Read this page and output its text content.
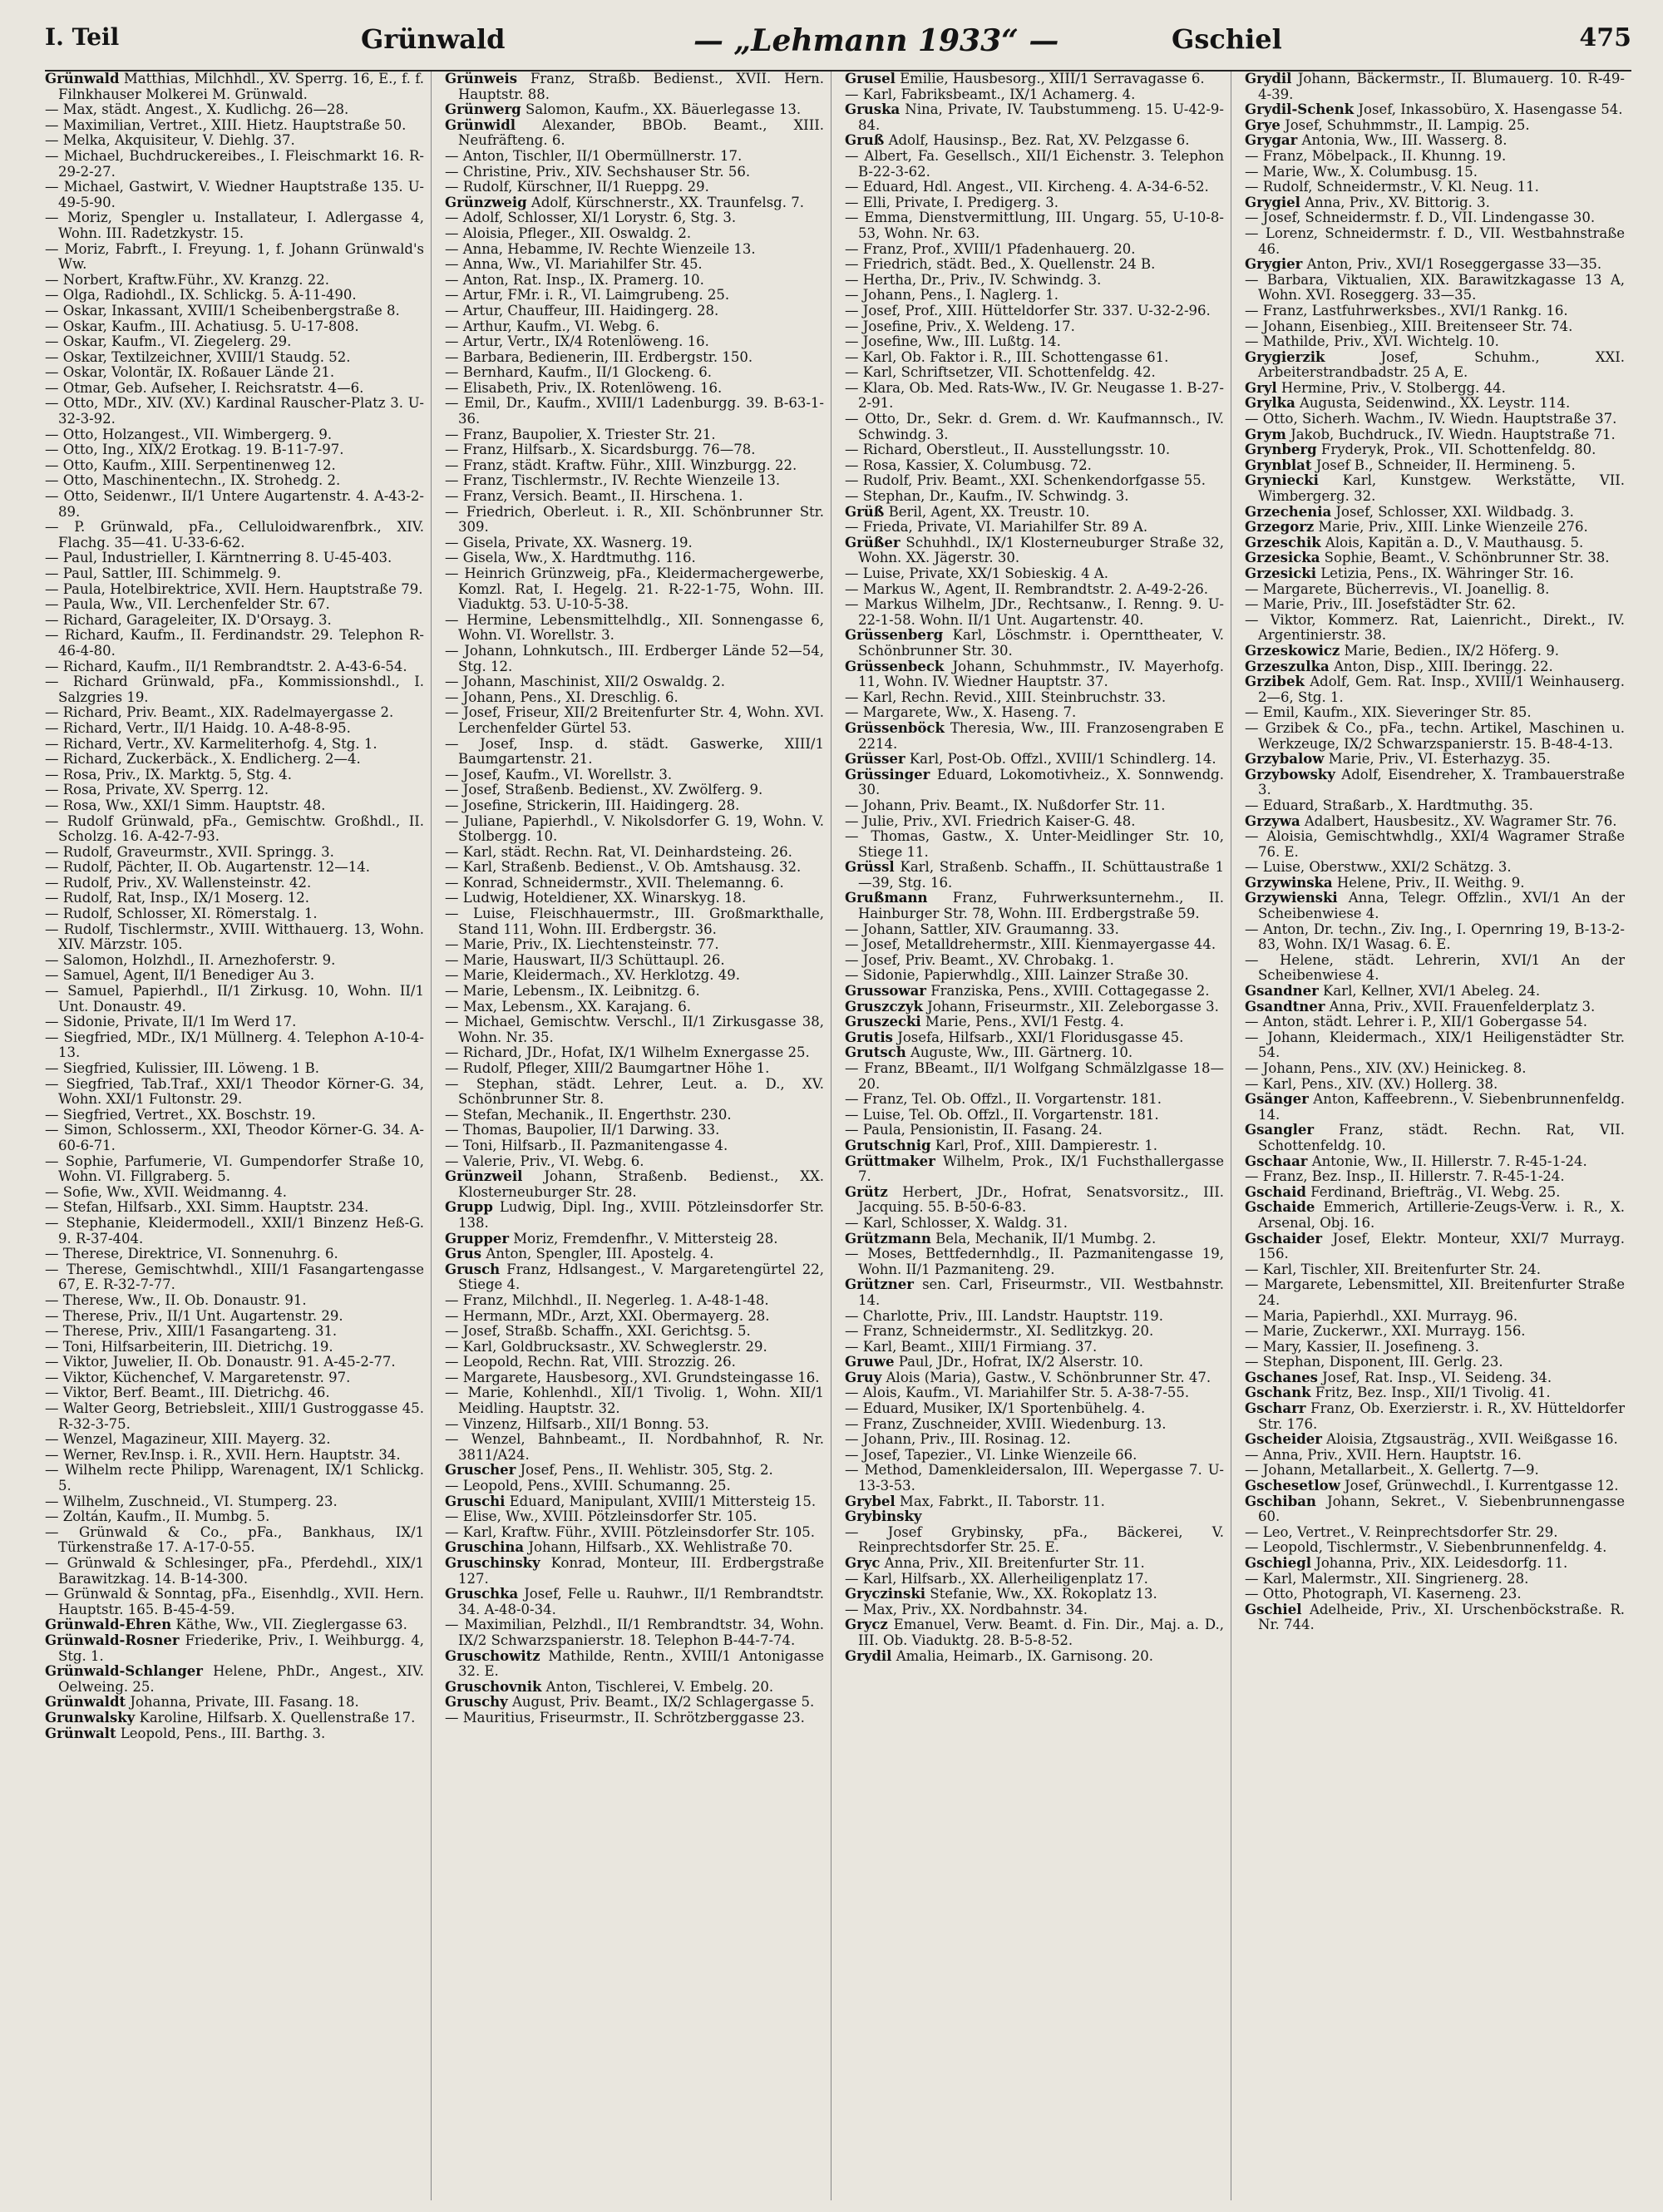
I. Teil	Grünwald	— „Lehmann 1933“ —	Gschiel	475
Grünwald Matthias, Milchhdl., XV. Sperrg. 16, E., f. f. Filnkhauser Molkerei M. Grünwald.
— Max, städt. Angest., X. Kudlichg. 26—28.
— Maximilian, Vertret., XIII. Hietz. Hauptstraße 50.
— Melka, Akquisiteur, V. Diehlg. 37.
— Michael, Buchdruckereibes., I. Fleischmarkt 16. R-29-2-27.
— Michael, Gastwirt, V. Wiedner Hauptstraße 135. U-49-5-90.
— Moriz, Spengler u. Installateur, I. Adlergasse 4, Wohn. III. Radetzkystr. 15.
— Moriz, Fabrft., I. Freyung. 1, f. Johann Grünwald's Ww.
— Norbert, Kraftw.Führ., XV. Kranzg. 22.
— Olga, Radiohdl., IX. Schlickg. 5. A-11-490.
— Oskar, Inkassant, XVIII/1 Scheibenbergstraße 8.
— Oskar, Kaufm., III. Achatiusg. 5. U-17-808.
— Oskar, Kaufm., VI. Ziegelerg. 29.
— Oskar, Textilzeichner, XVIII/1 Staudg. 52.
— Oskar, Volontär, IX. Roßauer Lände 21.
— Otmar, Geb. Aufseher, I. Reichsratstr. 4—6.
— Otto, MDr., XIV. (XV.) Kardinal Rauscher-Platz 3. U-32-3-92.
— Otto, Holzangest., VII. Wimbergerg. 9.
— Otto, Ing., XIX/2 Erotkag. 19. B-11-7-97.
— Otto, Kaufm., XIII. Serpentinenweg 12.
— Otto, Maschinentechn., IX. Strohedg. 2.
— Otto, Seidenwr., II/1 Untere Augartenstr. 4. A-43-2-89.
— P. Grünwald, pFa., Celluloidwarenfbrk., XIV. Flachg. 35—41. U-33-6-62.
— Paul, Industrieller, I. Kärntnerring 8. U-45-403.
— Paul, Sattler, III. Schimmelg. 9.
— Paula, Hotelbirektrice, XVII. Hern. Hauptstraße 79.
— Paula, Ww., VII. Lerchenfelder Str. 67.
— Richard, Garageleiter, IX. D'Orsayg. 3.
— Richard, Kaufm., II. Ferdinandstr. 29. Telephon R-46-4-80.
— Richard, Kaufm., II/1 Rembrandtstr. 2. A-43-6-54.
— Richard Grünwald, pFa., Kommissionshdl., I. Salzgries 19.
— Richard, Priv. Beamt., XIX. Radelmayergasse 2.
— Richard, Vertr., II/1 Haidg. 10. A-48-8-95.
— Richard, Vertr., XV. Karmeliterhofg. 4, Stg. 1.
— Richard, Zuckerbäck., X. Endlicherg. 2—4.
— Rosa, Priv., IX. Marktg. 5, Stg. 4.
— Rosa, Private, XV. Sperrg. 12.
— Rosa, Ww., XXI/1 Simm. Hauptstr. 48.
— Rudolf Grünwald, pFa., Gemischtw. Großhdl., II. Scholzg. 16. A-42-7-93.
— Rudolf, Graveurmstr., XVII. Springg. 3.
— Rudolf, Pächter, II. Ob. Augartenstr. 12—14.
— Rudolf, Priv., XV. Wallensteinstr. 42.
— Rudolf, Rat, Insp., IX/1 Moserg. 12.
— Rudolf, Schlosser, XI. Römerstalg. 1.
— Rudolf, Tischlermstr., XVIII. Witthauerg. 13, Wohn. XIV. Märzstr. 105.
— Salomon, Holzhdl., II. Arnezhoferstr. 9.
— Samuel, Agent, II/1 Benediger Au 3.
— Samuel, Papierhdl., II/1 Zirkusg. 10, Wohn. II/1 Unt. Donaustr. 49.
— Sidonie, Private, II/1 Im Werd 17.
— Siegfried, MDr., IX/1 Müllnerg. 4. Telephon A-10-4-13.
— Siegfried, Kulissier, III. Löweng. 1 B.
— Siegfried, Tab.Traf., XXI/1 Theodor Körner-G. 34, Wohn. XXI/1 Fultonstr. 29.
— Siegfried, Vertret., XX. Boschstr. 19.
— Simon, Schlosserm., XXI, Theodor Körner-G. 34. A-60-6-71.
— Sophie, Parfumerie, VI. Gumpendorfer Straße 10, Wohn. VI. Fillgraberg. 5.
— Sofie, Ww., XVII. Weidmanng. 4.
— Stefan, Hilfsarb., XXI. Simm. Hauptstr. 234.
— Stephanie, Kleidermodell., XXII/1 Binzenz Heß-G. 9. R-37-404.
— Therese, Direktrice, VI. Sonnenuhrg. 6.
— Therese, Gemischtwhdl., XIII/1 Fasangartengasse 67, E. R-32-7-77.
— Therese, Ww., II. Ob. Donaustr. 91.
— Therese, Priv., II/1 Unt. Augartenstr. 29.
— Therese, Priv., XIII/1 Fasangarteng. 31.
— Toni, Hilfsarbeiterin, III. Dietrichg. 19.
— Viktor, Juwelier, II. Ob. Donaustr. 91. A-45-2-77.
— Viktor, Küchenchef, V. Margaretenstr. 97.
— Viktor, Berf. Beamt., III. Dietrichg. 46.
— Walter Georg, Betriebsleit., XIII/1 Gustroggasse 45. R-32-3-75.
— Wenzel, Magazineur, XIII. Mayerg. 32.
— Werner, Rev.Insp. i. R., XVII. Hern. Hauptstr. 34.
— Wilhelm recte Philipp, Warenagent, IX/1 Schlickg. 5.
— Wilhelm, Zuschneid., VI. Stumperg. 23.
— Zoltán, Kaufm., II. Mumbg. 5.
— Grünwald & Co., pFa., Bankhaus, IX/1 Türkenstraße 17. A-17-0-55.
— Grünwald & Schlesinger, pFa., Pferdehdl., XIX/1 Barawitzkag. 14. B-14-300.
— Grünwald & Sonntag, pFa., Eisenhdlg., XVII. Hern. Hauptstr. 165. B-45-4-59.
Grünwald-Ehren Käthe, Ww., VII. Zieglergasse 63.
Grünwald-Rosner Friederike, Priv., I. Weihburgg. 4, Stg. 1.
Grünwald-Schlanger Helene, PhDr., Angest., XIV. Oelweing. 25.
Grünwaldt Johanna, Private, III. Fasang. 18.
Grunwalsky Karoline, Hilfsarb. X. Quellenstraße 17.
Grünwalt Leopold, Pens., III. Barthg. 3.
Grünweis Franz, Straßb. Bedienst., XVII. Hern. Hauptstr. 88.
Grünwerg Salomon, Kaufm., XX. Bäuerlegasse 13.
Grünwidl Alexander, BBOb. Beamt., XIII. Neufräfteng. 6.
— Anton, Tischler, II/1 Obermüllnerstr. 17.
— Christine, Priv., XIV. Sechshauser Str. 56.
— Rudolf, Kürschner, II/1 Rueppg. 29.
Grünzweig Adolf, Kürschnerstr., XX. Traunfelsg. 7.
— Adolf, Schlosser, XI/1 Lorystr. 6, Stg. 3.
— Aloisia, Pfleger., XII. Oswaldg. 2.
— Anna, Hebamme, IV. Rechte Wienzeile 13.
— Anna, Ww., VI. Mariahilfer Str. 45.
— Anton, Rat. Insp., IX. Pramerg. 10.
— Artur, FMr. i. R., VI. Laimgrubeng. 25.
— Artur, Chauffeur, III. Haidingerg. 28.
— Arthur, Kaufm., VI. Webg. 6.
— Artur, Vertr., IX/4 Rotenlöweng. 16.
— Barbara, Bedienerin, III. Erdbergstr. 150.
— Bernhard, Kaufm., II/1 Glockeng. 6.
— Elisabeth, Priv., IX. Rotenlöweng. 16.
— Emil, Dr., Kaufm., XVIII/1 Ladenburgg. 39. B-63-1-36.
— Franz, Baupolier, X. Triester Str. 21.
— Franz, Hilfsarb., X. Sicardsburgg. 76—78.
— Franz, städt. Kraftw. Führ., XIII. Winzburgg. 22.
— Franz, Tischlermstr., IV. Rechte Wienzeile 13.
— Franz, Versich. Beamt., II. Hirschena. 1.
— Friedrich, Oberleut. i. R., XII. Schönbrunner Str. 309.
— Gisela, Private, XX. Wasnerg. 19.
— Gisela, Ww., X. Hardtmuthg. 116.
— Heinrich Grünzweig, pFa., Kleidermachergewerbe, Komzl. Rat, I. Hegelg. 21. R-22-1-75, Wohn. III. Viaduktg. 53. U-10-5-38.
— Hermine, Lebensmittelhdlg., XII. Sonnengasse 6, Wohn. VI. Worellstr. 3.
— Johann, Lohnkutsch., III. Erdberger Lände 52—54, Stg. 12.
— Johann, Maschinist, XII/2 Oswaldg. 2.
— Johann, Pens., XI. Dreschlig. 6.
— Josef, Friseur, XII/2 Breitenfurter Str. 4, Wohn. XVI. Lerchenfelder Gürtel 53.
— Josef, Insp. d. städt. Gaswerke, XIII/1 Baumgartenstr. 21.
— Josef, Kaufm., VI. Worellstr. 3.
— Josef, Straßenb. Bedienst., XV. Zwölferg. 9.
— Josefine, Strickerin, III. Haidingerg. 28.
— Juliane, Papierhdl., V. Nikolsdorfer G. 19, Wohn. V. Stolbergg. 10.
— Karl, städt. Rechn. Rat, VI. Deinhardsteing. 26.
— Karl, Straßenb. Bedienst., V. Ob. Amtshausg. 32.
— Konrad, Schneidermstr., XVII. Thelemanng. 6.
— Ludwig, Hoteldiener, XX. Winarskyg. 18.
— Luise, Fleischhauermstr., III. Großmarkthalle, Stand 111, Wohn. III. Erdbergstr. 36.
— Marie, Priv., IX. Liechtensteinstr. 77.
— Marie, Hauswart, II/3 Schüttaupl. 26.
— Marie, Kleidermach., XV. Herklotzg. 49.
— Marie, Lebensm., IX. Leibnitzg. 6.
— Max, Lebensm., XX. Karajang. 6.
— Michael, Gemischtw. Verschl., II/1 Zirkusgasse 38, Wohn. Nr. 35.
— Richard, JDr., Hofat, IX/1 Wilhelm Exnergasse 25.
— Rudolf, Pfleger, XIII/2 Baumgartner Höhe 1.
— Stephan, städt. Lehrer, Leut. a. D., XV. Schönbrunner Str. 8.
— Stefan, Mechanik., II. Engerthstr. 230.
— Thomas, Baupolier, II/1 Darwing. 33.
— Toni, Hilfsarb., II. Pazmanitengasse 4.
— Valerie, Priv., VI. Webg. 6.
Grünzweil Johann, Straßenb. Bedienst., XX. Klosterneuburger Str. 28.
Grupp Ludwig, Dipl. Ing., XVIII. Pötzleinsdorfer Str. 138.
Grupper Moriz, Fremdenfhr., V. Mittersteig 28.
Grus Anton, Spengler, III. Apostelg. 4.
Grusch Franz, Hdlsangest., V. Margaretengürtel 22, Stiege 4.
— Franz, Milchhdl., II. Negerleg. 1. A-48-1-48.
— Hermann, MDr., Arzt, XXI. Obermayerg. 28.
— Josef, Straßb. Schaffn., XXI. Gerichtsg. 5.
— Karl, Goldbrucksastr., XV. Schweglerstr. 29.
— Leopold, Rechn. Rat, VIII. Strozzig. 26.
— Margarete, Hausbesorg., XVI. Grundsteingasse 16.
— Marie, Kohlenhdl., XII/1 Tivolig. 1, Wohn. XII/1 Meidling. Hauptstr. 32.
— Vinzenz, Hilfsarb., XII/1 Bonng. 53.
— Wenzel, Bahnbeamt., II. Nordbahnhof, R. Nr. 3811/A24.
Gruscher Josef, Pens., II. Wehlistr. 305, Stg. 2.
— Leopold, Pens., XVIII. Schumanng. 25.
Gruschi Eduard, Manipulant, XVIII/1 Mittersteig 15.
— Elise, Ww., XVIII. Pötzleinsdorfer Str. 105.
— Karl, Kraftw. Führ., XVIII. Pötzleinsdorfer Str. 105.
Gruschina Johann, Hilfsarb., XX. Wehlistraße 70.
Gruschinsky Konrad, Monteur, III. Erdbergstraße 127.
Gruschka Josef, Felle u. Rauhwr., II/1 Rembrandtstr. 34. A-48-0-34.
— Maximilian, Pelzhdl., II/1 Rembrandtstr. 34, Wohn. IX/2 Schwarzspanierstr. 18. Telephon B-44-7-74.
Gruschowitz Mathilde, Rentn., XVIII/1 Antonigasse 32. E.
Gruschovnik Anton, Tischlerei, V. Embelg. 20.
Gruschy August, Priv. Beamt., IX/2 Schlagergasse 5.
— Mauritius, Friseurmstr., II. Schrötzberggasse 23.
Grusel Emilie, Hausbesorg., XIII/1 Serravagasse 6.
— Karl, Fabriksbeamt., IX/1 Achamerg. 4.
Gruska Nina, Private, IV. Taubstummeng. 15. U-42-9-84.
Gruß Adolf, Hausinsp., Bez. Rat, XV. Pelzgasse 6.
— Albert, Fa. Gesellsch., XII/1 Eichenstr. 3. Telephon B-22-3-62.
— Eduard, Hdl. Angest., VII. Kircheng. 4. A-34-6-52.
— Elli, Private, I. Predigerg. 3.
— Emma, Dienstvermittlung, III. Ungarg. 55, U-10-8-53, Wohn. Nr. 63.
— Franz, Prof., XVIII/1 Pfadenhauerg. 20.
— Friedrich, städt. Bed., X. Quellenstr. 24 B.
— Hertha, Dr., Priv., IV. Schwindg. 3.
— Johann, Pens., I. Naglerg. 1.
— Josef, Prof., XIII. Hütteldorfer Str. 337. U-32-2-96.
— Josefine, Priv., X. Weldeng. 17.
— Josefine, Ww., III. Lußtg. 14.
— Karl, Ob. Faktor i. R., III. Schottengasse 61.
— Karl, Schriftsetzer, VII. Schottenfeldg. 42.
— Klara, Ob. Med. Rats-Ww., IV. Gr. Neugasse 1. B-27-2-91.
— Otto, Dr., Sekr. d. Grem. d. Wr. Kaufmannsch., IV. Schwindg. 3.
— Richard, Oberstleut., II. Ausstellungsstr. 10.
— Rosa, Kassier, X. Columbusg. 72.
— Rudolf, Priv. Beamt., XXI. Schenkendorfgasse 55.
— Stephan, Dr., Kaufm., IV. Schwindg. 3.
Grüß Beril, Agent, XX. Treustr. 10.
— Frieda, Private, VI. Mariahilfer Str. 89 A.
Grüßer Schuhhdl., IX/1 Klosterneuburger Straße 32, Wohn. XX. Jägerstr. 30.
— Luise, Private, XX/1 Sobieskig. 4 A.
— Markus W., Agent, II. Rembrandtstr. 2. A-49-2-26.
— Markus Wilhelm, JDr., Rechtsanw., I. Renng. 9. U-22-1-58. Wohn. II/1 Unt. Augartenstr. 40.
Grüssenberg Karl, Löschmstr. i. Opernttheater, V. Schönbrunner Str. 30.
Grüssenbeck Johann, Schuhmmstr., IV. Mayerhofg. 11, Wohn. IV. Wiedner Hauptstr. 37.
— Karl, Rechn. Revid., XIII. Steinbruchstr. 33.
— Margarete, Ww., X. Haseng. 7.
Grüssenböck Theresia, Ww., III. Franzosengraben E 2214.
Grüsser Karl, Post-Ob. Offzl., XVIII/1 Schindlerg. 14.
Grüssinger Eduard, Lokomotivheiz., X. Sonnwendg. 30.
— Johann, Priv. Beamt., IX. Nußdorfer Str. 11.
— Julie, Priv., XVI. Friedrich Kaiser-G. 48.
— Thomas, Gastw., X. Unter-Meidlinger Str. 10, Stiege 11.
Grüssl Karl, Straßenb. Schaffn., II. Schüttaustraße 1—39, Stg. 16.
Grußmann Franz, Fuhrwerksunternehm., II. Hainburger Str. 78, Wohn. III. Erdbergstraße 59.
— Johann, Sattler, XIV. Graumanng. 33.
— Josef, Metalldrehermstr., XIII. Kienmayergasse 44.
— Josef, Priv. Beamt., XV. Chrobakg. 1.
— Sidonie, Papierwhdlg., XIII. Lainzer Straße 30.
Grussowar Franziska, Pens., XVIII. Cottagegasse 2.
Gruszczyk Johann, Friseurmstr., XII. Zeleborgasse 3.
Gruszecki Marie, Pens., XVI/1 Festg. 4.
Grutis Josefa, Hilfsarb., XXI/1 Floridusgasse 45.
Grutsch Auguste, Ww., III. Gärtnerg. 10.
— Franz, BBeamt., II/1 Wolfgang Schmälzlgasse 18—20.
— Franz, Tel. Ob. Offzl., II. Vorgartenstr. 181.
— Luise, Tel. Ob. Offzl., II. Vorgartenstr. 181.
— Paula, Pensionistin, II. Fasang. 24.
Grutschnig Karl, Prof., XIII. Dampierestr. 1.
Grüttmaker Wilhelm, Prok., IX/1 Fuchsthallergasse 7.
Grütz Herbert, JDr., Hofrat, Senatsvorsitz., III. Jacquing. 55. B-50-6-83.
— Karl, Schlosser, X. Waldg. 31.
Grützmann Bela, Mechanik, II/1 Mumbg. 2.
— Moses, Bettfedernhdlg., II. Pazmanitengasse 19, Wohn. II/1 Pazmaniteng. 29.
Grützner sen. Carl, Friseurmstr., VII. Westbahnstr. 14.
— Charlotte, Priv., III. Landstr. Hauptstr. 119.
— Franz, Schneidermstr., XI. Sedlitzkyg. 20.
— Karl, Beamt., XIII/1 Firmiang. 37.
Gruwe Paul, JDr., Hofrat, IX/2 Alserstr. 10.
Gruy Alois (Maria), Gastw., V. Schönbrunner Str. 47.
— Alois, Kaufm., VI. Mariahilfer Str. 5. A-38-7-55.
— Eduard, Musiker, IX/1 Sportenbühelg. 4.
— Franz, Zuschneider, XVIII. Wiedenburg. 13.
— Johann, Priv., III. Rosinag. 12.
— Josef, Tapezier., VI. Linke Wienzeile 66.
— Method, Damenkleidersalon, III. Wepergasse 7. U-13-3-53.
Grybel Max, Fabrkt., II. Taborstr. 11.
Grybinsky
— Josef Grybinsky, pFa., Bäckerei, V. Reinprechtsdorfer Str. 25. E.
Gryc Anna, Priv., XII. Breitenfurter Str. 11.
— Karl, Hilfsarb., XX. Allerheiligenplatz 17.
Gryczinski Stefanie, Ww., XX. Rokoplatz 13.
— Max, Priv., XX. Nordbahnstr. 34.
Grycz Emanuel, Verw. Beamt. d. Fin. Dir., Maj. a. D., III. Ob. Viaduktg. 28. B-5-8-52.
Grydil Amalia, Heimarb., IX. Garnisong. 20.
Grydil Johann, Bäckermstr., II. Blumauerg. 10. R-49-4-39.
Grydil-Schenk Josef, Inkassobüro, X. Hasengasse 54.
Grye Josef, Schuhmmstr., II. Lampig. 25.
Grygar Antonia, Ww., III. Wasserg. 8.
— Franz, Möbelpack., II. Khunng. 19.
— Marie, Ww., X. Columbusg. 15.
— Rudolf, Schneidermstr., V. Kl. Neug. 11.
Grygiel Anna, Priv., XV. Bittorig. 3.
— Josef, Schneidermstr. f. D., VII. Lindengasse 30.
— Lorenz, Schneidermstr. f. D., VII. Westbahnstraße 46.
Grygier Anton, Priv., XVI/1 Roseggergasse 33—35.
— Barbara, Viktualien, XIX. Barawitzkagasse 13 A, Wohn. XVI. Roseggerg. 33—35.
— Franz, Lastfuhrwerksbes., XVI/1 Rankg. 16.
— Johann, Eisenbieg., XIII. Breitenseer Str. 74.
— Mathilde, Priv., XVI. Wichtelg. 10.
Grygierzik Josef, Schuhm., XXI. Arbeiterstrandbadstr. 25 A, E.
Gryl Hermine, Priv., V. Stolbergg. 44.
Grylka Augusta, Seidenwind., XX. Leystr. 114.
— Otto, Sicherh. Wachm., IV. Wiedn. Hauptstraße 37.
Grym Jakob, Buchdruck., IV. Wiedn. Hauptstraße 71.
Grynberg Fryderyk, Prok., VII. Schottenfeldg. 80.
Grynblat Josef B., Schneider, II. Hermineng. 5.
Gryniecki Karl, Kunstgew. Werkstätte, VII. Wimbergerg. 32.
Grzechenia Josef, Schlosser, XXI. Wildbadg. 3.
Grzegorz Marie, Priv., XIII. Linke Wienzeile 276.
Grzeschik Alois, Kapitän a. D., V. Mauthausg. 5.
Grzesicka Sophie, Beamt., V. Schönbrunner Str. 38.
Grzesicki Letizia, Pens., IX. Währinger Str. 16.
— Margarete, Bücherrevis., VI. Joanellig. 8.
— Marie, Priv., III. Josefstädter Str. 62.
— Viktor, Kommerz. Rat, Laienricht., Direkt., IV. Argentinierstr. 38.
Grzeskowicz Marie, Bedien., IX/2 Höferg. 9.
Grzeszulka Anton, Disp., XIII. Iberingg. 22.
Grzibek Adolf, Gem. Rat. Insp., XVIII/1 Weinhauserg. 2—6, Stg. 1.
— Emil, Kaufm., XIX. Sieveringer Str. 85.
— Grzibek & Co., pFa., techn. Artikel, Maschinen u. Werkzeuge, IX/2 Schwarzspanierstr. 15. B-48-4-13.
Grzybalow Marie, Priv., VI. Esterhazyg. 35.
Grzybowsky Adolf, Eisendreher, X. Trambauerstraße 3.
— Eduard, Straßarb., X. Hardtmuthg. 35.
Grzywa Adalbert, Hausbesitz., XV. Wagramer Str. 76.
— Aloisia, Gemischtwhdlg., XXI/4 Wagramer Straße 76. E.
— Luise, Oberstww., XXI/2 Schätzg. 3.
Grzywinska Helene, Priv., II. Weithg. 9.
Grzywienski Anna, Telegr. Offzlin., XVI/1 An der Scheibenwiese 4.
— Anton, Dr. techn., Ziv. Ing., I. Opernring 19, B-13-2-83, Wohn. IX/1 Wasag. 6. E.
— Helene, städt. Lehrerin, XVI/1 An der Scheibenwiese 4.
Gsandner Karl, Kellner, XVI/1 Abeleg. 24.
Gsandtner Anna, Priv., XVII. Frauenfelderplatz 3.
— Anton, städt. Lehrer i. P., XII/1 Gobergasse 54.
— Johann, Kleidermach., XIX/1 Heiligenstädter Str. 54.
— Johann, Pens., XIV. (XV.) Heinickeg. 8.
— Karl, Pens., XIV. (XV.) Hollerg. 38.
Gsänger Anton, Kaffeebrenn., V. Siebenbrunnenfeldg. 14.
Gsangler Franz, städt. Rechn. Rat, VII. Schottenfeldg. 10.
Gschaar Antonie, Ww., II. Hillerstr. 7. R-45-1-24.
— Franz, Bez. Insp., II. Hillerstr. 7. R-45-1-24.
Gschaid Ferdinand, Briefträg., VI. Webg. 25.
Gschaide Emmerich, Artillerie-Zeugs-Verw. i. R., X. Arsenal, Obj. 16.
Gschaider Josef, Elektr. Monteur, XXI/7 Murrayg. 156.
— Karl, Tischler, XII. Breitenfurter Str. 24.
— Margarete, Lebensmittel, XII. Breitenfurter Straße 24.
— Maria, Papierhdl., XXI. Murrayg. 96.
— Marie, Zuckerwr., XXI. Murrayg. 156.
— Mary, Kassier, II. Josefineng. 3.
— Stephan, Disponent, III. Gerlg. 23.
Gschanes Josef, Rat. Insp., VI. Seideng. 34.
Gschank Fritz, Bez. Insp., XII/1 Tivolig. 41.
Gscharr Franz, Ob. Exerzierstr. i. R., XV. Hütteldorfer Str. 176.
Gscheider Aloisia, Ztgsausträg., XVII. Weißgasse 16.
— Anna, Priv., XVII. Hern. Hauptstr. 16.
— Johann, Metallarbeit., X. Gellertg. 7—9.
Gschesetlow Josef, Grünwechdl., I. Kurrentgasse 12.
Gschiban Johann, Sekret., V. Siebenbrunnengasse 60.
— Leo, Vertret., V. Reinprechtsdorfer Str. 29.
— Leopold, Tischlermstr., V. Siebenbrunnenfeldg. 4.
Gschiegl Johanna, Priv., XIX. Leidesdorfg. 11.
— Karl, Malermstr., XII. Singrienerg. 28.
— Otto, Photograph, VI. Kaserneng. 23.
Gschiel Adelheide, Priv., XI. Urschenböckstraße. R. Nr. 744.
